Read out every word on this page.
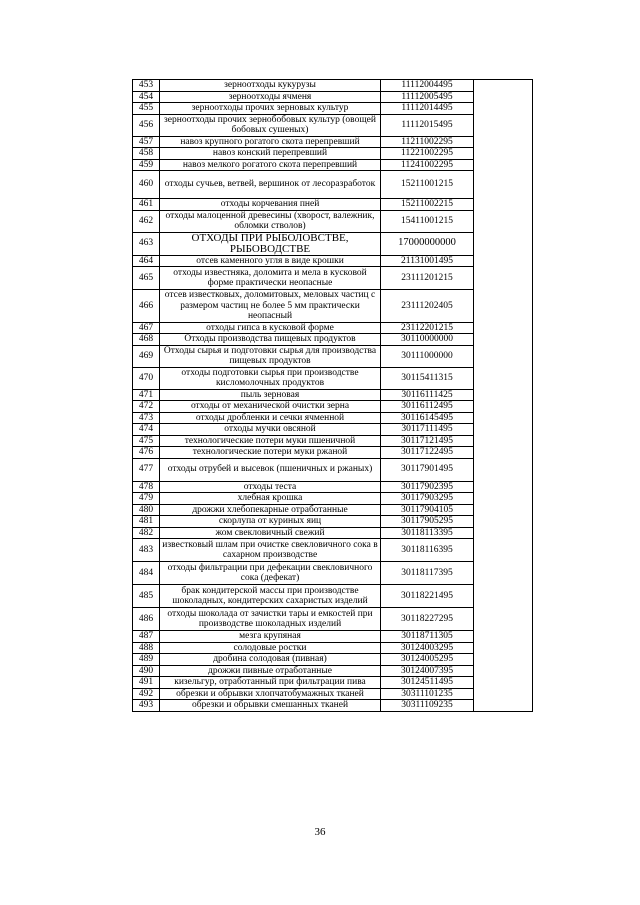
453	зерноотходы кукурузы	11112004495	
454	зерноотходы ячменя	11112005495	
455	зерноотходы прочих зерновых культур	11112014495	
456	зерноотходы прочих зернобобовых культур (овощей бобовых сушеных)	11112015495	
457	навоз крупного рогатого скота перепревший	11211002295	
458	навоз конский перепревший	11221002295	
459	навоз мелкого рогатого скота перепревший	11241002295	
460	отходы сучьев, ветвей, вершинок от лесоразработок	15211001215	
461	отходы корчевания пней	15211002215	
462	отходы малоценной древесины (хворост, валежник, обломки стволов)	15411001215	
463	ОТХОДЫ ПРИ РЫБОЛОВСТВЕ, РЫБОВОДСТВЕ	17000000000	
464	отсев каменного угля в виде крошки	21131001495	
465	отходы известняка, доломита и мела в кусковой форме практически неопасные	23111201215	
466	отсев известковых, доломитовых, меловых частиц с размером частиц не более 5 мм практически неопасный	23111202405	
467	отходы гипса в кусковой форме	23112201215	
468	Отходы производства пищевых продуктов	30110000000	
469	Отходы сырья и подготовки сырья для производства пищевых продуктов	30111000000	
470	отходы подготовки сырья при производстве кисломолочных продуктов	30115411315	
471	пыль зерновая	30116111425	
472	отходы от механической очистки зерна	30116112495	
473	отходы дробленки и сечки ячменной	30116145495	
474	отходы мучки овсяной	30117111495	
475	технологические потери муки пшеничной	30117121495	
476	технологические потери муки ржаной	30117122495	
477	отходы отрубей и высевок (пшеничных и ржаных)	30117901495	
478	отходы теста	30117902395	
479	хлебная крошка	30117903295	
480	дрожжи хлебопекарные отработанные	30117904105	
481	скорлупа от куриных яиц	30117905295	
482	жом свекловичный свежий	30118113395	
483	известковый шлам при очистке свекловичного сока в сахарном производстве	30118116395	
484	отходы фильтрации при дефекации свекловичного сока (дефекат)	30118117395	
485	брак кондитерской массы при производстве шоколадных, кондитерских сахаристых изделий	30118221495	
486	отходы шоколада от зачистки тары и емкостей при производстве шоколадных изделий	30118227295	
487	мезга крупяная	30118711305	
488	солодовые ростки	30124003295	
489	дробина солодовая (пивная)	30124005295	
490	дрожжи пивные отработанные	30124007395	
491	кизельгур, отработанный при фильтрации пива	30124511495	
492	обрезки и обрывки хлопчатобумажных тканей	30311101235	
493	обрезки и обрывки смешанных тканей	30311109235	
36
